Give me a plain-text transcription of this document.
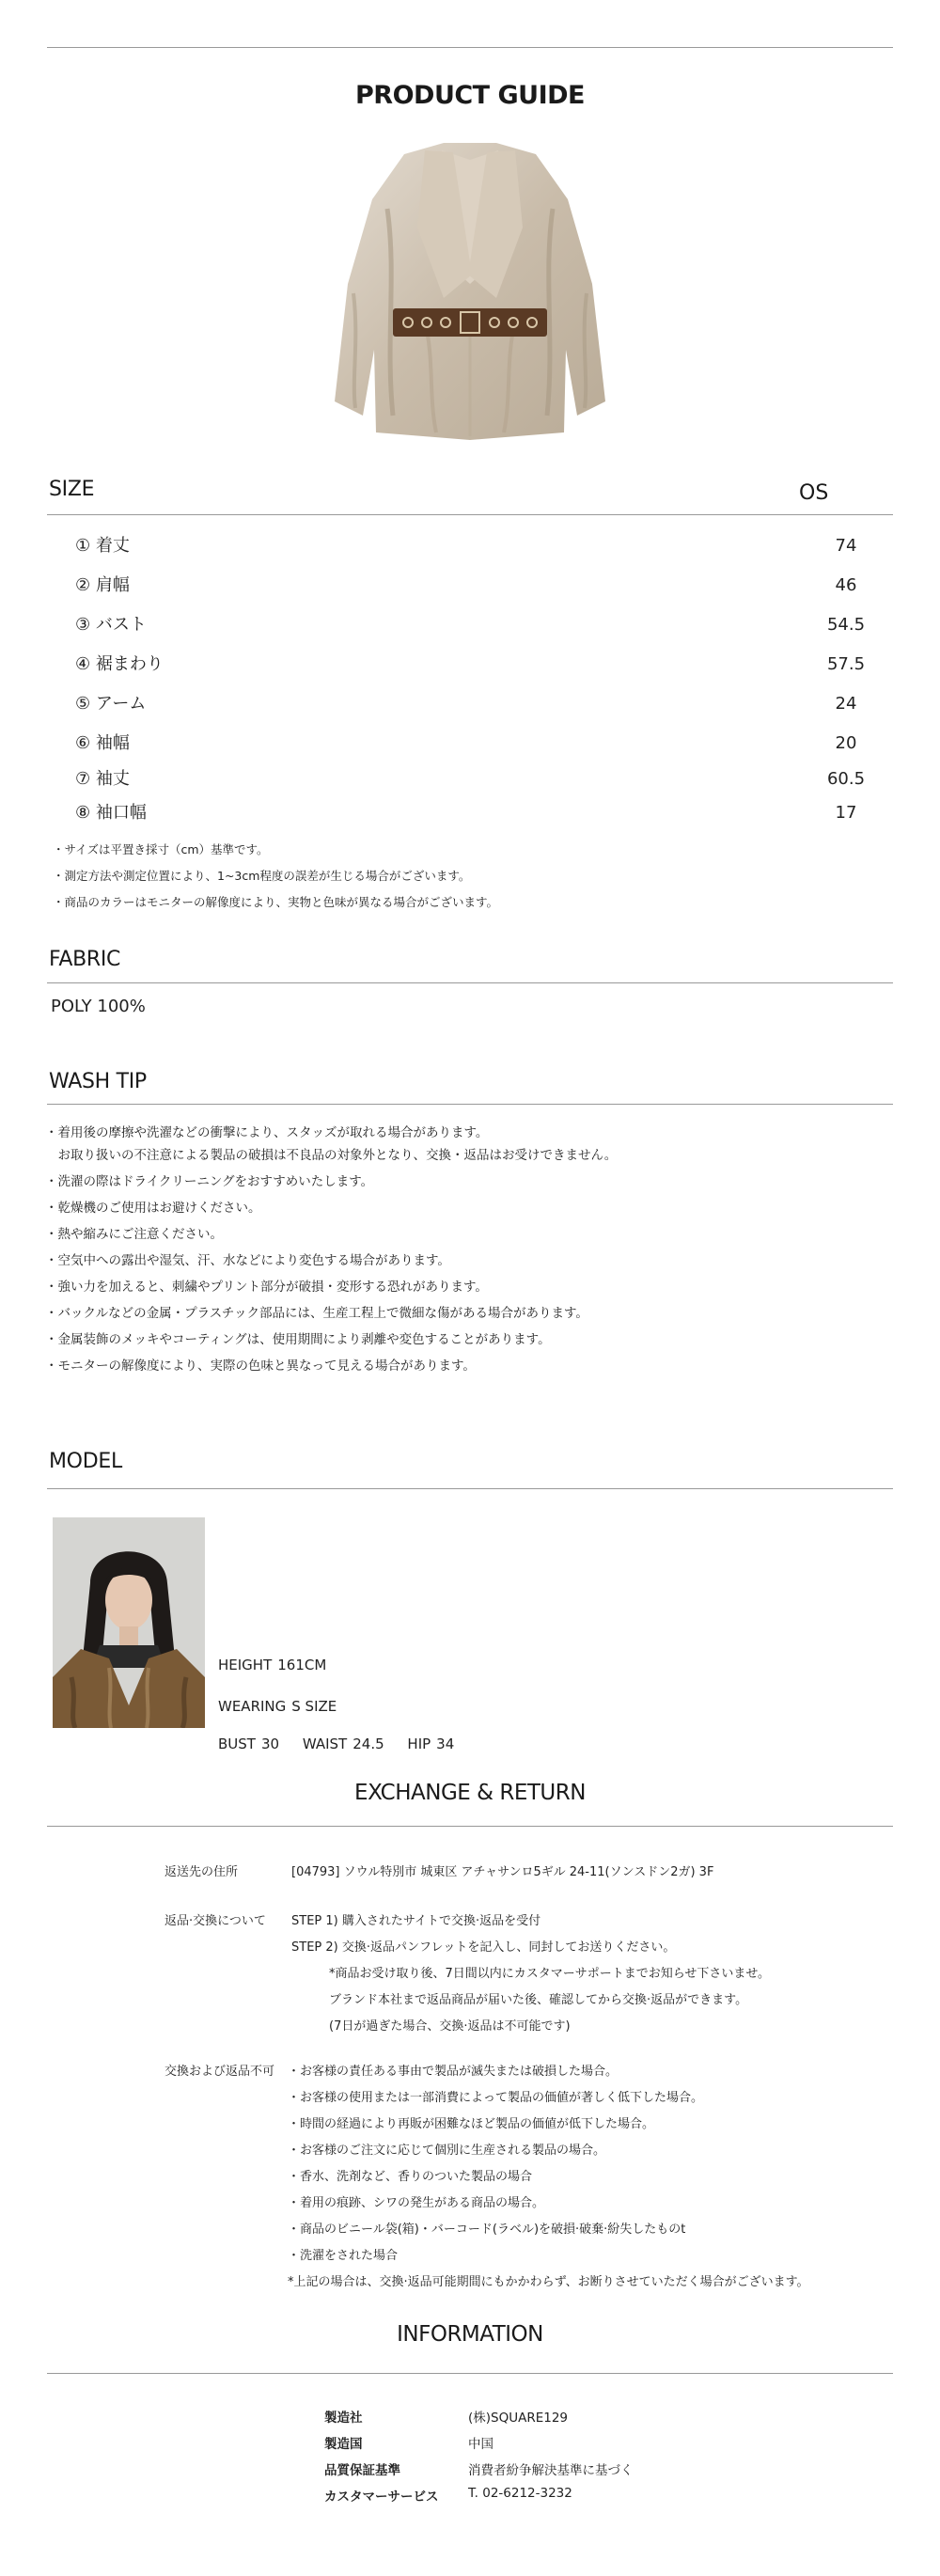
PRODUCT GUIDE
SIZE	OS
① 着丈	74
② 肩幅	46
③ バスト	54.5
④ 裾まわり	57.5
⑤ アーム	24
⑥ 袖幅	20
⑦ 袖丈	60.5
⑧ 袖口幅	17
・サイズは平置き採寸（cm）基準です。
・測定方法や測定位置により、1~3cm程度の誤差が生じる場合がございます。
・商品のカラーはモニターの解像度により、実物と色味が異なる場合がございます。
FABRIC
POLY 100%
WASH TIP
・着用後の摩擦や洗濯などの衝撃により、スタッズが取れる場合があります。
　お取り扱いの不注意による製品の破損は不良品の対象外となり、交換・返品はお受けできません。
・洗濯の際はドライクリーニングをおすすめいたします。
・乾燥機のご使用はお避けください。
・熱や縮みにご注意ください。
・空気中への露出や湿気、汗、水などにより変色する場合があります。
・強い力を加えると、刺繍やプリント部分が破損・変形する恐れがあります。
・バックルなどの金属・プラスチック部品には、生産工程上で微細な傷がある場合があります。
・金属装飾のメッキやコーティングは、使用期間により剥離や変色することがあります。
・モニターの解像度により、実際の色味と異なって見える場合があります。
MODEL
HEIGHT 161CM
WEARING S SIZE
BUST 30 WAIST 24.5 HIP 34
EXCHANGE & RETURN
返送先の住所	[04793] ソウル特別市 城東区 アチャサンロ5ギル 24-11(ソンスドン2ガ) 3F
返品·交換について STEP 1) 購入されたサイトで交換·返品を受付
STEP 2) 交換·返品パンフレットを記入し、同封してお送りください。
*商品お受け取り後、7日間以内にカスタマーサポートまでお知らせ下さいませ。
ブランド本社まで返品商品が届いた後、確認してから交換·返品ができます。
(7日が過ぎた場合、交換·返品は不可能です)
交換および返品不可 ・お客様の責任ある事由で製品が滅失または破損した場合。
・お客様の使用または一部消費によって製品の価値が著しく低下した場合。
・時間の経過により再販が困難なほど製品の価値が低下した場合。
・お客様のご注文に応じて個別に生産される製品の場合。
・香水、洗剤など、香りのついた製品の場合
・着用の痕跡、シワの発生がある商品の場合。
・商品のビニール袋(箱)・バーコード(ラベル)を破損·破棄·紛失したものt
・洗濯をされた場合
*上記の場合は、交換·返品可能期間にもかかわらず、お断りさせていただく場合がございます。
INFORMATION
製造社	(株)SQUARE129
製造国	中国
品質保証基準	消費者紛争解決基準に基づく
カスタマーサービス T. 02-6212-3232
